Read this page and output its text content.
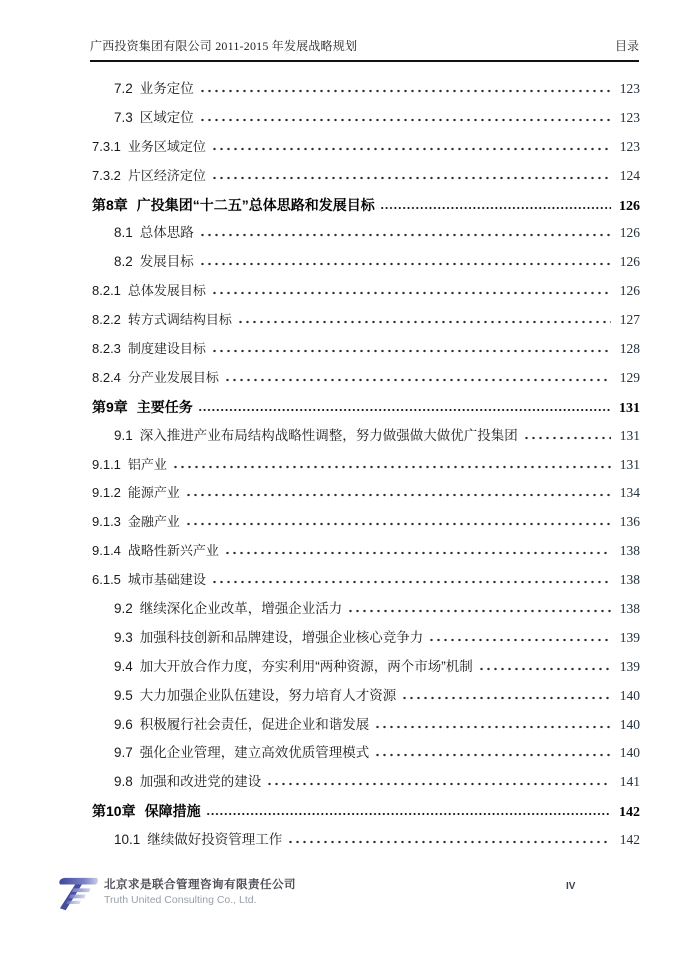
广西投资集团有限公司 2011-2015 年发展战略规划	目录
7.2 业务定位	123
7.3 区域定位	123
7.3.1 业务区域定位	123
7.3.2 片区经济定位	124
第8章 广投集团“十二五”总体思路和发展目标	126
8.1 总体思路	126
8.2 发展目标	126
8.2.1 总体发展目标	126
8.2.2 转方式调结构目标	127
8.2.3 制度建设目标	128
8.2.4 分产业发展目标	129
第9章 主要任务	131
9.1 深入推进产业布局结构战略性调整，努力做强做大做优广投集团	131
9.1.1 铝产业	131
9.1.2 能源产业	134
9.1.3 金融产业	136
9.1.4 战略性新兴产业	138
6.1.5 城市基础建设	138
9.2 继续深化企业改革，增强企业活力	138
9.3 加强科技创新和品牌建设，增强企业核心竞争力	139
9.4 加大开放合作力度，夯实利用“两种资源，两个市场”机制	139
9.5 大力加强企业队伍建设，努力培育人才资源	140
9.6 积极履行社会责任，促进企业和谐发展	140
9.7 强化企业管理，建立高效优质管理模式	140
9.8 加强和改进党的建设	141
第10章 保障措施	142
10.1 继续做好投资管理工作	142
北京求是联合管理咨询有限责任公司
Truth United Consulting Co., Ltd.
IV
